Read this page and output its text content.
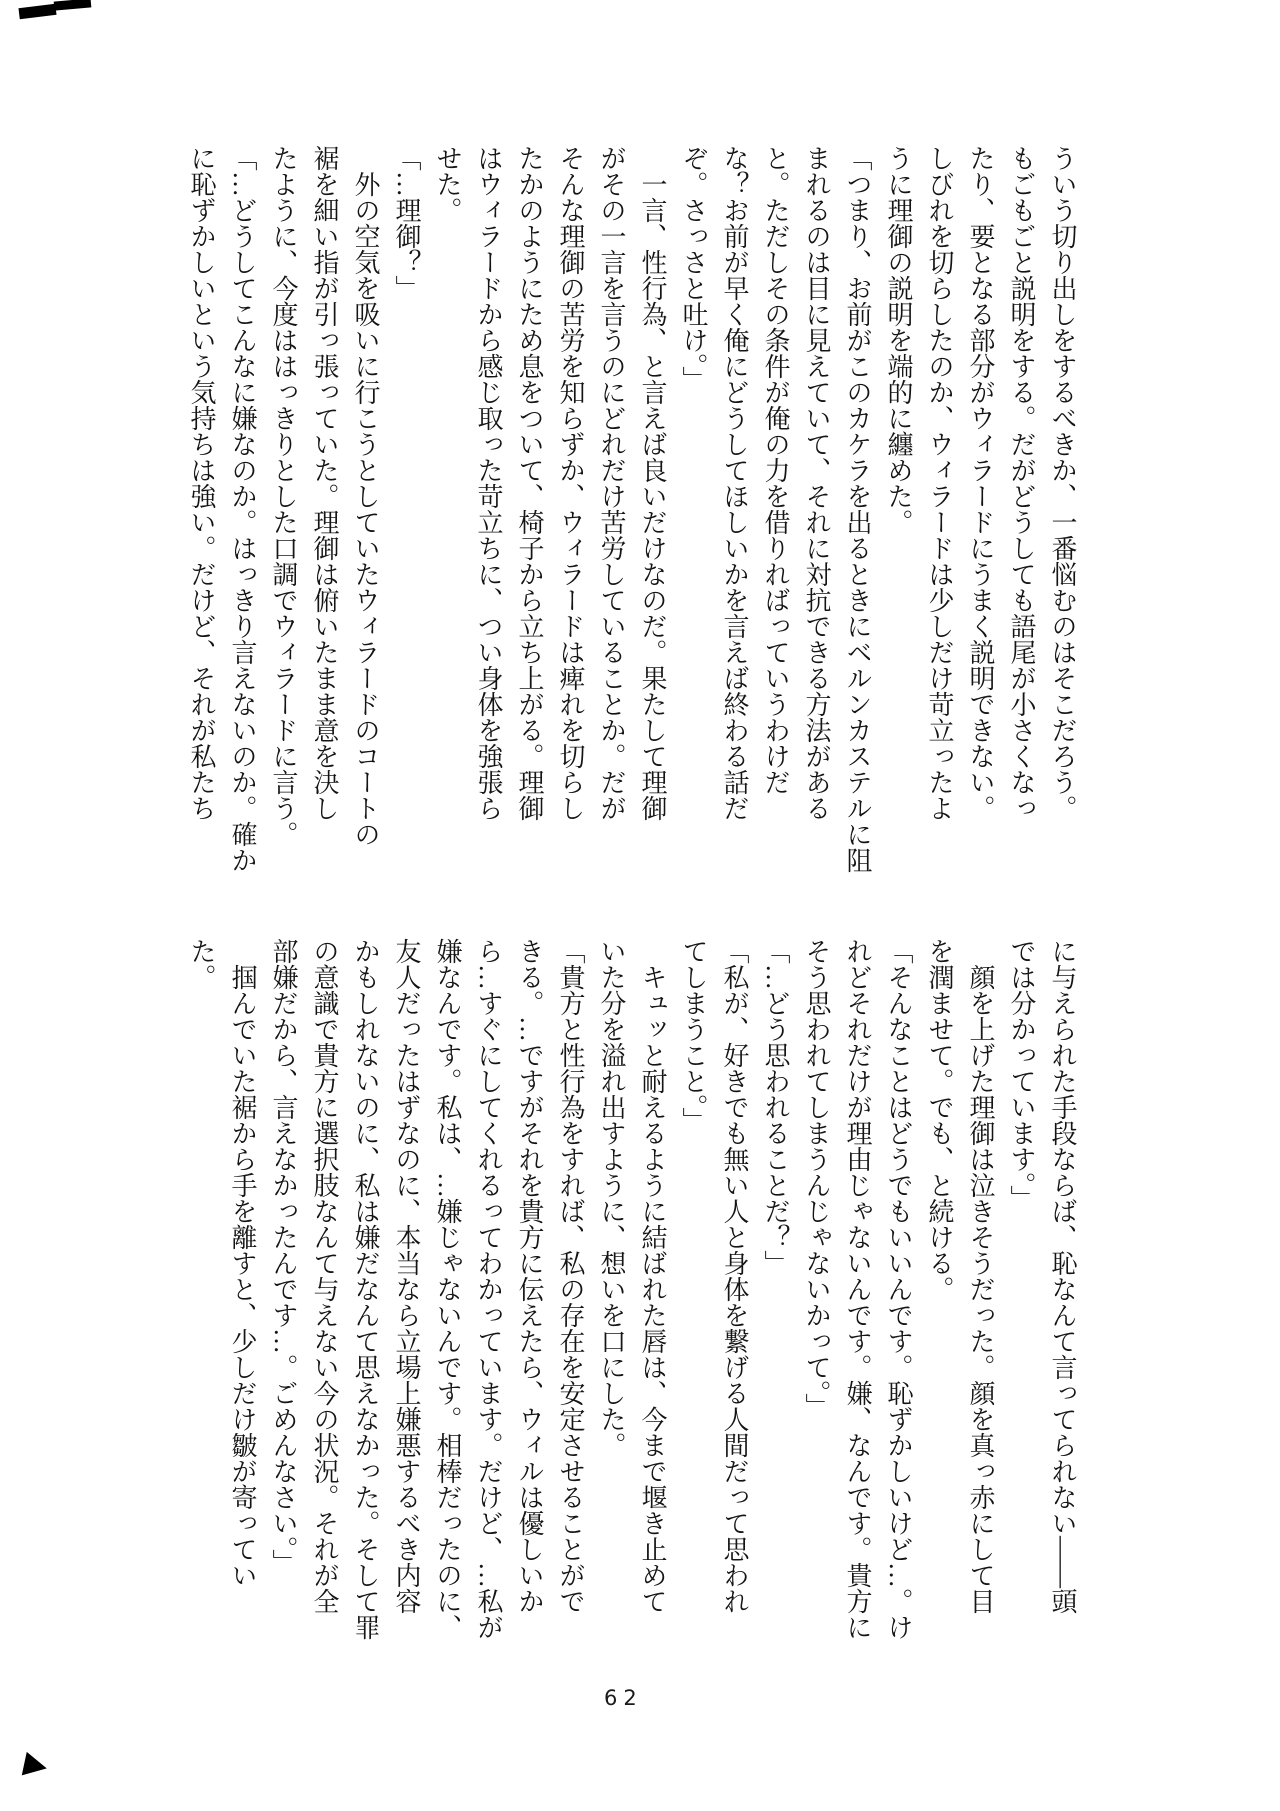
ういう切り出しをするべきか、一番悩むのはそこだろう。

もごもごと説明をする。だがどうしても語尾が小さくなっ

たり、要となる部分がウィラードにうまく説明できない。

しびれを切らしたのか、ウィラードは少しだけ苛立ったよ

うに理御の説明を端的に纏めた。

「つまり、お前がこのカケラを出るときにベルンカステルに阻

まれるのは目に見えていて、それに対抗できる方法がある

と。ただしその条件が俺の力を借りればっていうわけだ

な？お前が早く俺にどうしてほしいかを言えば終わる話だ

ぞ。さっさと吐け。」

　一言、性行為、と言えば良いだけなのだ。果たして理御

がその一言を言うのにどれだけ苦労していることか。だが

そんな理御の苦労を知らずか、ウィラードは痺れを切らし

たかのようにため息をついて、椅子から立ち上がる。理御

はウィラードから感じ取った苛立ちに、つい身体を強張ら

せた。

「…理御？」

　外の空気を吸いに行こうとしていたウィラードのコートの

裾を細い指が引っ張っていた。理御は俯いたまま意を決し

たように、今度ははっきりとした口調でウィラードに言う。

「…どうしてこんなに嫌なのか。はっきり言えないのか。確か

に恥ずかしいという気持ちは強い。だけど、それが私たち

に与えられた手段ならば、恥なんて言ってられない――頭

では分かっています。」

　顔を上げた理御は泣きそうだった。顔を真っ赤にして目

を潤ませて。でも、と続ける。

「そんなことはどうでもいいんです。恥ずかしいけど…。け

れどそれだけが理由じゃないんです。嫌、なんです。貴方に

そう思われてしまうんじゃないかって。」

「…どう思われることだ？」

「私が、好きでも無い人と身体を繋げる人間だって思われ

てしまうこと。」

　キュッと耐えるように結ばれた唇は、今まで堰き止めて

いた分を溢れ出すように、想いを口にした。

「貴方と性行為をすれば、私の存在を安定させることがで

きる。…ですがそれを貴方に伝えたら、ウィルは優しいか

ら…すぐにしてくれるってわかっています。だけど、…私が

嫌なんです。私は、…嫌じゃないんです。相棒だったのに、

友人だったはずなのに、本当なら立場上嫌悪するべき内容

かもしれないのに、私は嫌だなんて思えなかった。そして罪

の意識で貴方に選択肢なんて与えない今の状況。それが全

部嫌だから、言えなかったんです…。ごめんなさい。」

　掴んでいた裾から手を離すと、少しだけ皺が寄ってい

た。

62
